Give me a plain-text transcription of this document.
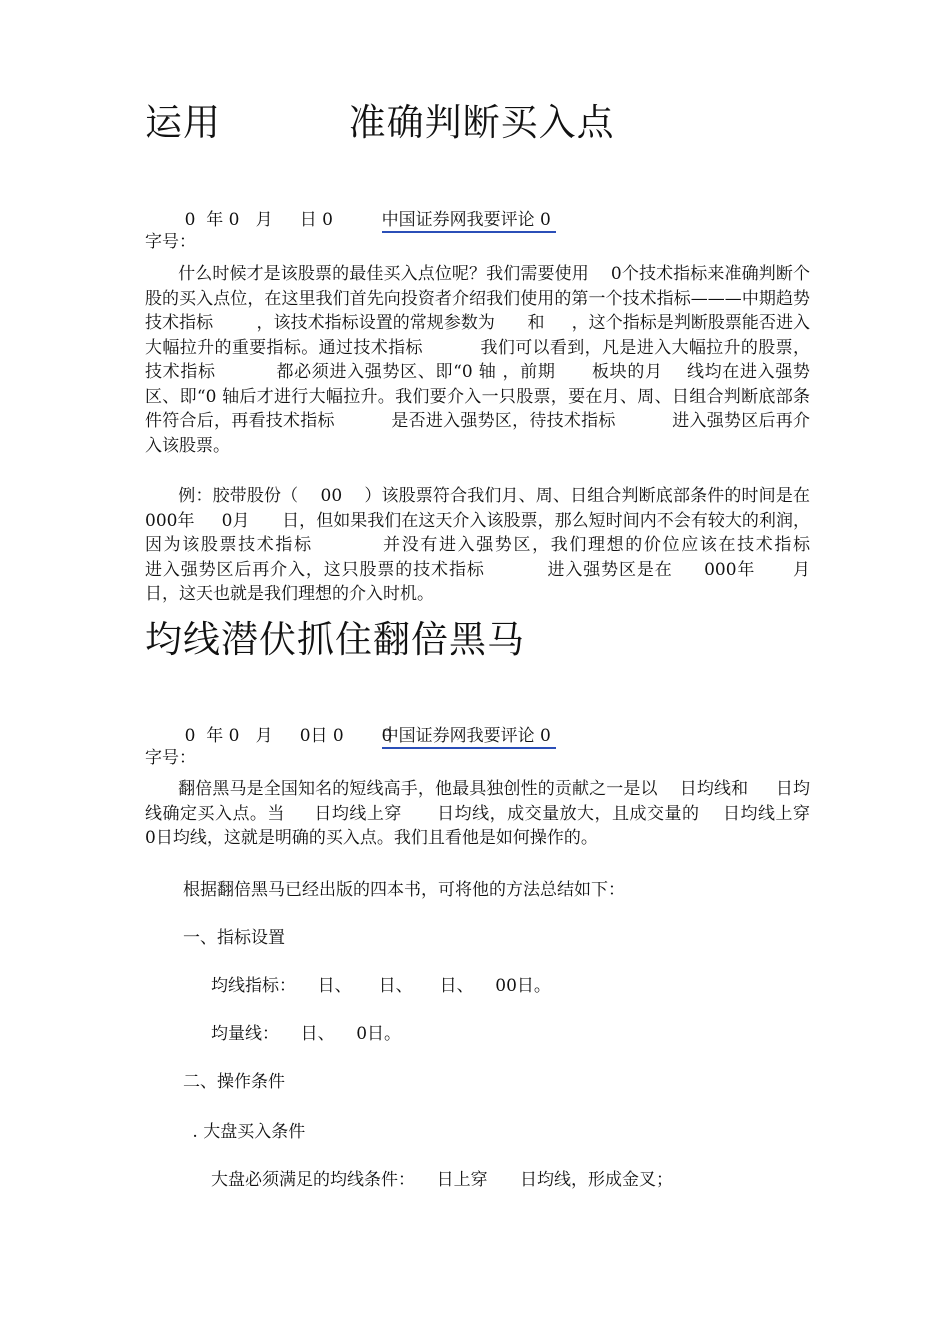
运用          准确判断买入点

0  年 0   月     日 0	中国证券网我要评论 0
字号：

什么时候才是该股票的最佳买入点位呢？我们需要使用    0个技术指标来准确判断个股的买入点位，在这里我们首先向投资者介绍我们使用的第一个技术指标———中期趋势技术指标        ，该技术指标设置的常规参数为      和     ，这个指标是判断股票能否进入大幅拉升的重要指标。通过技术指标          我们可以看到，凡是进入大幅拉升的股票，技术指标          都必须进入强势区、即“0 轴 ，前期      板块的月    线均在进入强势区、即“0 轴后才进行大幅拉升。我们要介入一只股票，要在月、周、日组合判断底部条件符合后，再看技术指标          是否进入强势区，待技术指标          进入强势区后再介入该股票。

例：胶带股份（    00    ）该股票符合我们月、周、日组合判断底部条件的时间是在     000年     0月      日，但如果我们在这天介入该股票，那么短时间内不会有较大的利润，因为该股票技术指标          并没有进入强势区，我们理想的价位应该在技术指标          进入强势区后再介入，这只股票的技术指标          进入强势区是在     000年      月     日，这天也就是我们理想的介入时机。

均线潜伏抓住翻倍黑马

0  年 0   月     0日 0       0中国证券网我要评论 0
字号：

翻倍黑马是全国知名的短线高手，他最具独创性的贡献之一是以    日均线和     日均线确定买入点。当     日均线上穿      日均线，成交量放大，且成交量的    日均线上穿     0日均线，这就是明确的买入点。我们且看他是如何操作的。

根据翻倍黑马已经出版的四本书，可将他的方法总结如下：

一、指标设置

均线指标：    日、     日、     日、    00日。

均量线：    日、    0日。

二、操作条件

. 大盘买入条件

大盘必须满足的均线条件：    日上穿      日均线，形成金叉；
